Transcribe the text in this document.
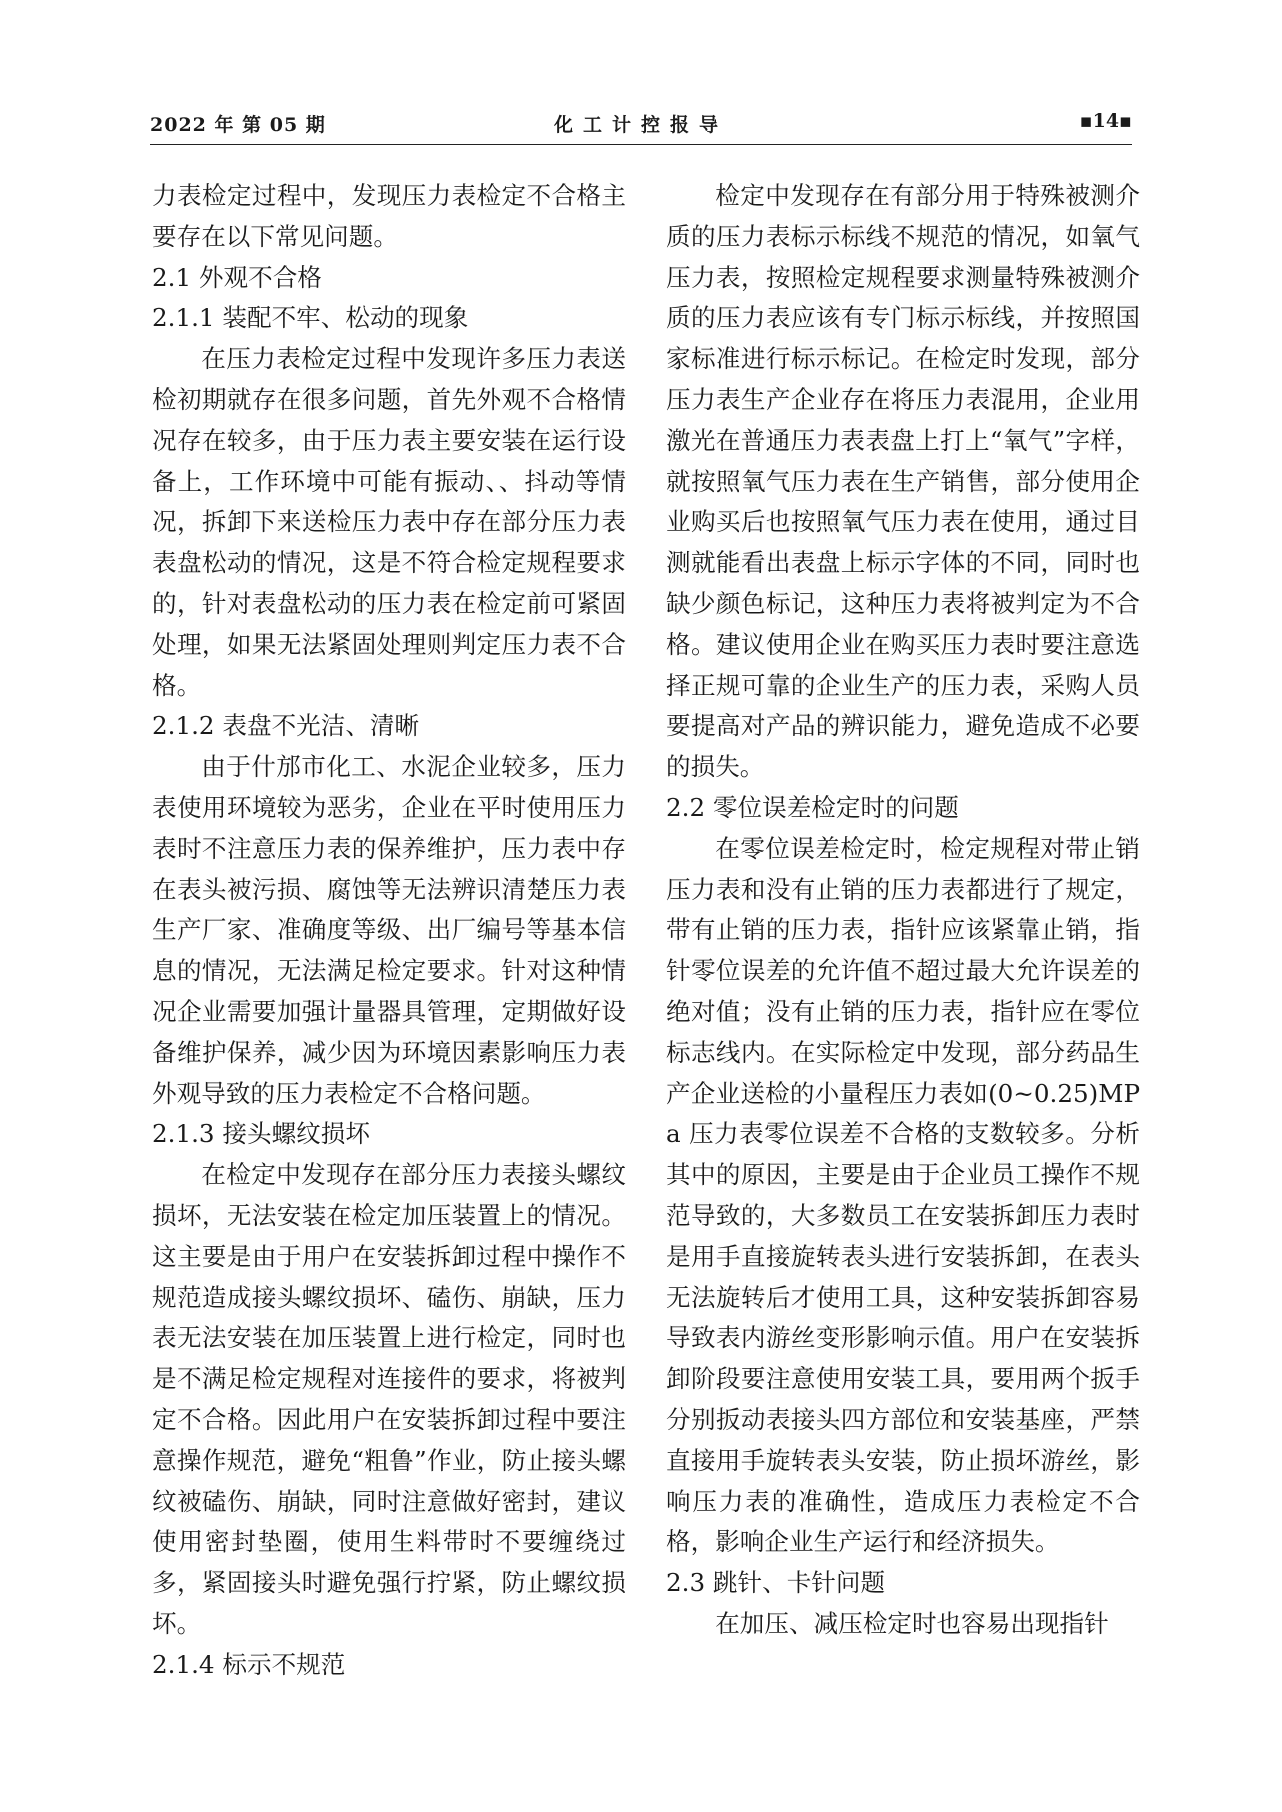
2022 年 第 05 期	化工计控报导	▪14▪

力表检定过程中，发现压力表检定不合格主要存在以下常见问题。

2.1 外观不合格

2.1.1 装配不牢、松动的现象

在压力表检定过程中发现许多压力表送检初期就存在很多问题，首先外观不合格情况存在较多，由于压力表主要安装在运行设备上，工作环境中可能有振动、、抖动等情况，拆卸下来送检压力表中存在部分压力表表盘松动的情况，这是不符合检定规程要求的，针对表盘松动的压力表在检定前可紧固处理，如果无法紧固处理则判定压力表不合格。

2.1.2 表盘不光洁、清晰

由于什邡市化工、水泥企业较多，压力表使用环境较为恶劣，企业在平时使用压力表时不注意压力表的保养维护，压力表中存在表头被污损、腐蚀等无法辨识清楚压力表生产厂家、准确度等级、出厂编号等基本信息的情况，无法满足检定要求。针对这种情况企业需要加强计量器具管理，定期做好设备维护保养，减少因为环境因素影响压力表外观导致的压力表检定不合格问题。

2.1.3 接头螺纹损坏

在检定中发现存在部分压力表接头螺纹损坏，无法安装在检定加压装置上的情况。这主要是由于用户在安装拆卸过程中操作不规范造成接头螺纹损坏、磕伤、崩缺，压力表无法安装在加压装置上进行检定，同时也是不满足检定规程对连接件的要求，将被判定不合格。因此用户在安装拆卸过程中要注意操作规范，避免“粗鲁”作业，防止接头螺纹被磕伤、崩缺，同时注意做好密封，建议使用密封垫圈，使用生料带时不要缠绕过多，紧固接头时避免强行拧紧，防止螺纹损坏。

2.1.4 标示不规范

检定中发现存在有部分用于特殊被测介质的压力表标示标线不规范的情况，如氧气压力表，按照检定规程要求测量特殊被测介质的压力表应该有专门标示标线，并按照国家标准进行标示标记。在检定时发现，部分压力表生产企业存在将压力表混用，企业用激光在普通压力表表盘上打上“氧气”字样，就按照氧气压力表在生产销售，部分使用企业购买后也按照氧气压力表在使用，通过目测就能看出表盘上标示字体的不同，同时也缺少颜色标记，这种压力表将被判定为不合格。建议使用企业在购买压力表时要注意选择正规可靠的企业生产的压力表，采购人员要提高对产品的辨识能力，避免造成不必要的损失。

2.2 零位误差检定时的问题

在零位误差检定时，检定规程对带止销压力表和没有止销的压力表都进行了规定，带有止销的压力表，指针应该紧靠止销，指针零位误差的允许值不超过最大允许误差的绝对值；没有止销的压力表，指针应在零位标志线内。在实际检定中发现，部分药品生产企业送检的小量程压力表如(0~0.25)MPa 压力表零位误差不合格的支数较多。分析其中的原因，主要是由于企业员工操作不规范导致的，大多数员工在安装拆卸压力表时是用手直接旋转表头进行安装拆卸，在表头无法旋转后才使用工具，这种安装拆卸容易导致表内游丝变形影响示值。用户在安装拆卸阶段要注意使用安装工具，要用两个扳手分别扳动表接头四方部位和安装基座，严禁直接用手旋转表头安装，防止损坏游丝，影响压力表的准确性，造成压力表检定不合格，影响企业生产运行和经济损失。

2.3 跳针、卡针问题

在加压、减压检定时也容易出现指针
